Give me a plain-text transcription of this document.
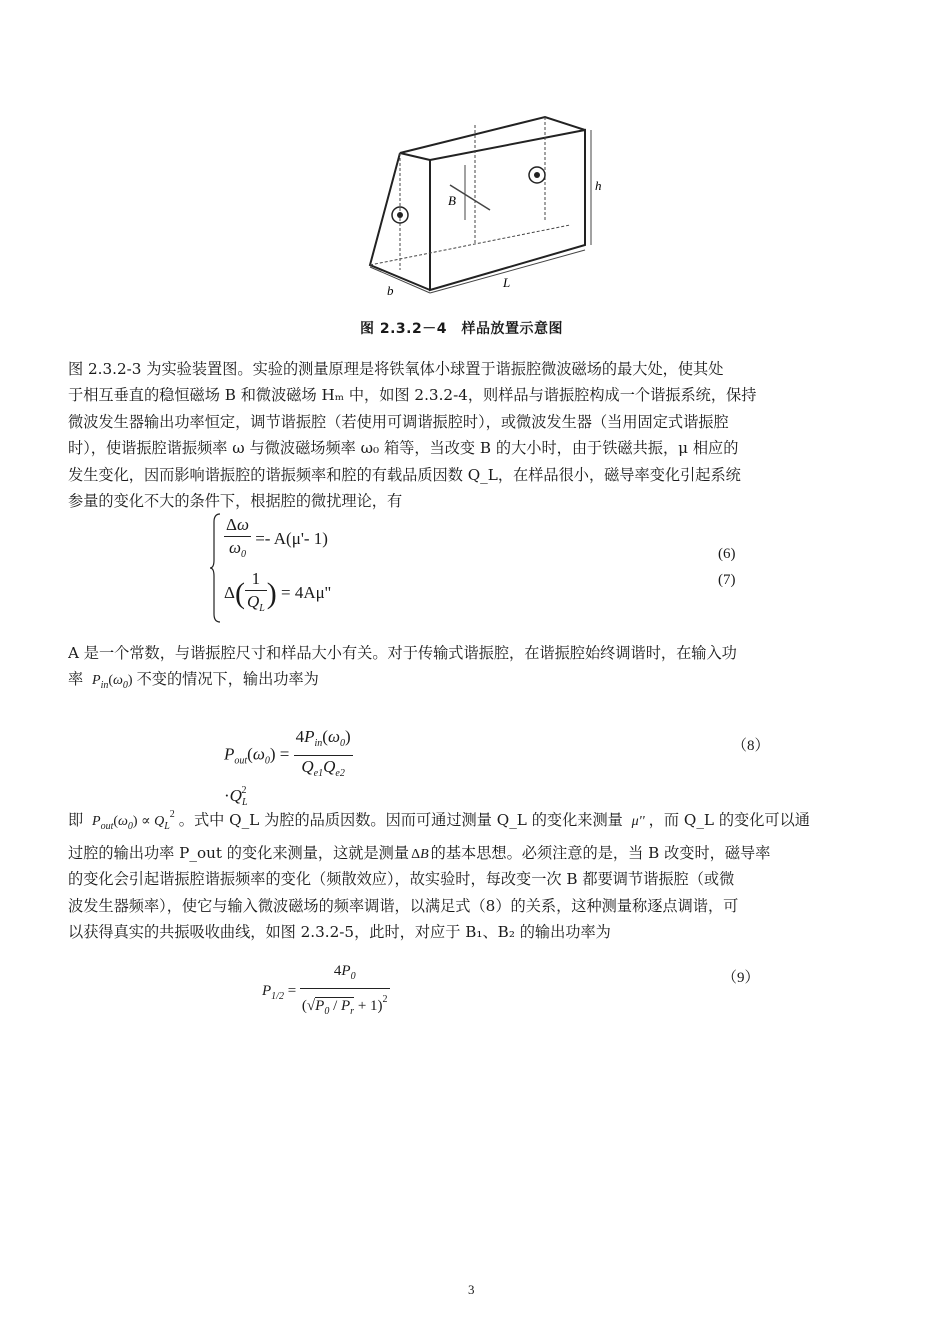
B
h
b
L
图 2.3.2－4　样品放置示意图
图 2.3.2-3 为实验装置图。实验的测量原理是将铁氧体小球置于谐振腔微波磁场的最大处，使其处
于相互垂直的稳恒磁场 B 和微波磁场 Hₘ 中，如图 2.3.2-4，则样品与谐振腔构成一个谐振系统，保持
微波发生器输出功率恒定，调节谐振腔（若使用可调谐振腔时），或微波发生器（当用固定式谐振腔
时），使谐振腔谐振频率 ω 与微波磁场频率 ω₀ 箱等，当改变 B 的大小时，由于铁磁共振，μ 相应的
发生变化，因而影响谐振腔的谐振频率和腔的有载品质因数 Q_L，在样品很小，磁导率变化引起系统
参量的变化不大的条件下，根据腔的微扰理论，有
$\frac{\Delta\omega}{\omega_0} =- A(\mu'-$ 1)
$\Delta( \frac{1}{Q_L}$ ) = 4Aμ''
(6)
(7)
A 是一个常数，与谐振腔尺寸和样品大小有关。对于传输式谐振腔，在谐振腔始终调谐时，在输入功
率 $P_{in}(\omega_0)$ 不变的情况下，输出功率为
$P_{out}(\omega_0) = \frac{4P_{in}(\omega_0)}{Q_{e1}Q_{e2}}$
$\cdot Q_L^2$
（8）
即 $P_{out}(\omega_0) \propto Q_L^2$ 。式中 Q_L 为腔的品质因数。因而可通过测量 Q_L 的变化来测量 μ'' ，而 Q_L 的变化可以通
过腔的输出功率 P_out 的变化来测量，这就是测量 ΔB 的基本思想。必须注意的是，当 B 改变时，磁导率
的变化会引起谐振腔谐振频率的变化（频散效应），故实验时，每改变一次 B 都要调节谐振腔（或微
波发生器频率），使它与输入微波磁场的频率调谐，以满足式（8）的关系，这种测量称逐点调谐，可
以获得真实的共振吸收曲线，如图 2.3.2-5，此时，对应于 B₁、B₂ 的输出功率为
$P_{1/2} = \frac{4P_0}{(√P_0 / P_r + 1)^2}$	（9）
3
